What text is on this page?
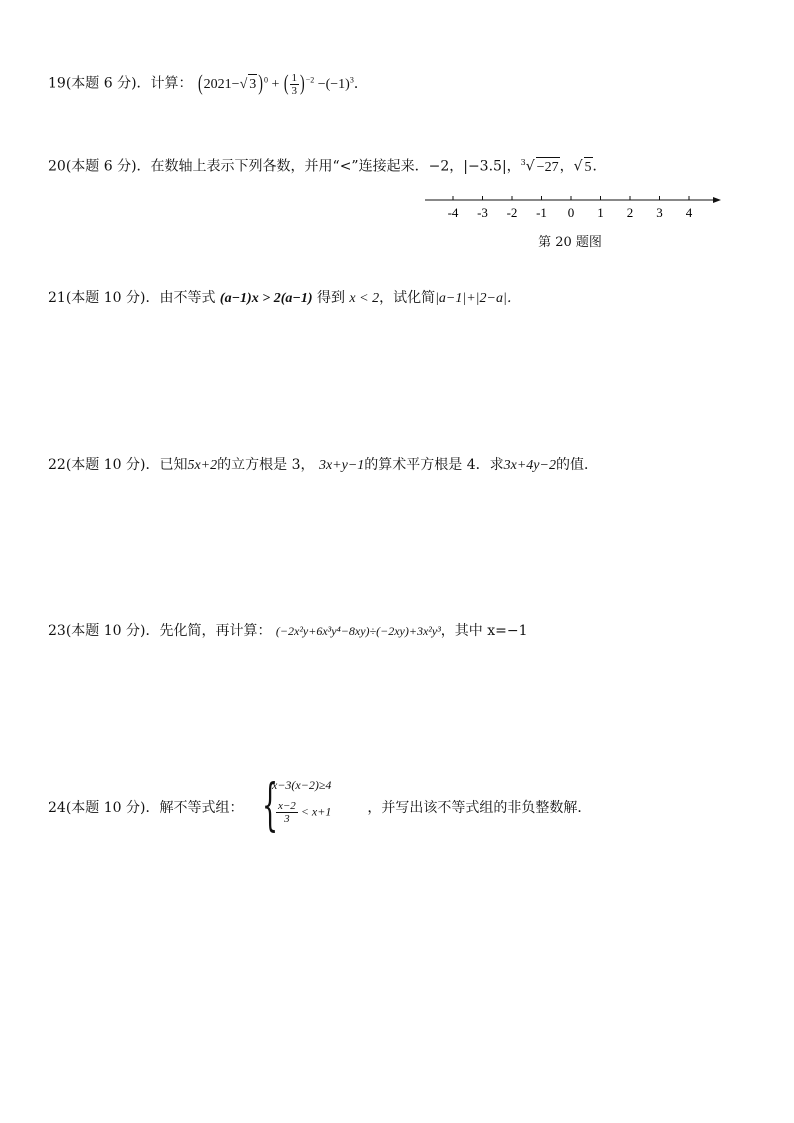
19(本题 6 分)．计算： (2021−√ 3 )$^0$ + ( $\frac{1}{3} )^{-2} -(-1)^3$．
20(本题 6 分)．在数轴上表示下列各数，并用“<”连接起来．−2，|−3.5|，$^3$√ −27，√ 5．
-4 -3 -2 -1 0 1 2 3 4
第 20 题图
21(本题 10 分)．由不等式 (a−1)x > 2(a−1) 得到 x < 2，试化简|a−1|+|2−a|．
22(本题 10 分)．已知5x+2的立方根是 3， 3x+y−1的算术平方根是 4．求3x+4y−2的值．
23(本题 10 分)．先化简，再计算： (−2x²y+6x³y⁴−8xy)÷(−2xy)+3x²y³，其中 x=−1
24(本题 10 分)．解不等式组：	，并写出该不等式组的非负整数解．
{
x−3(x−2)≥4
$\frac{x-2}{3} < x+1$
